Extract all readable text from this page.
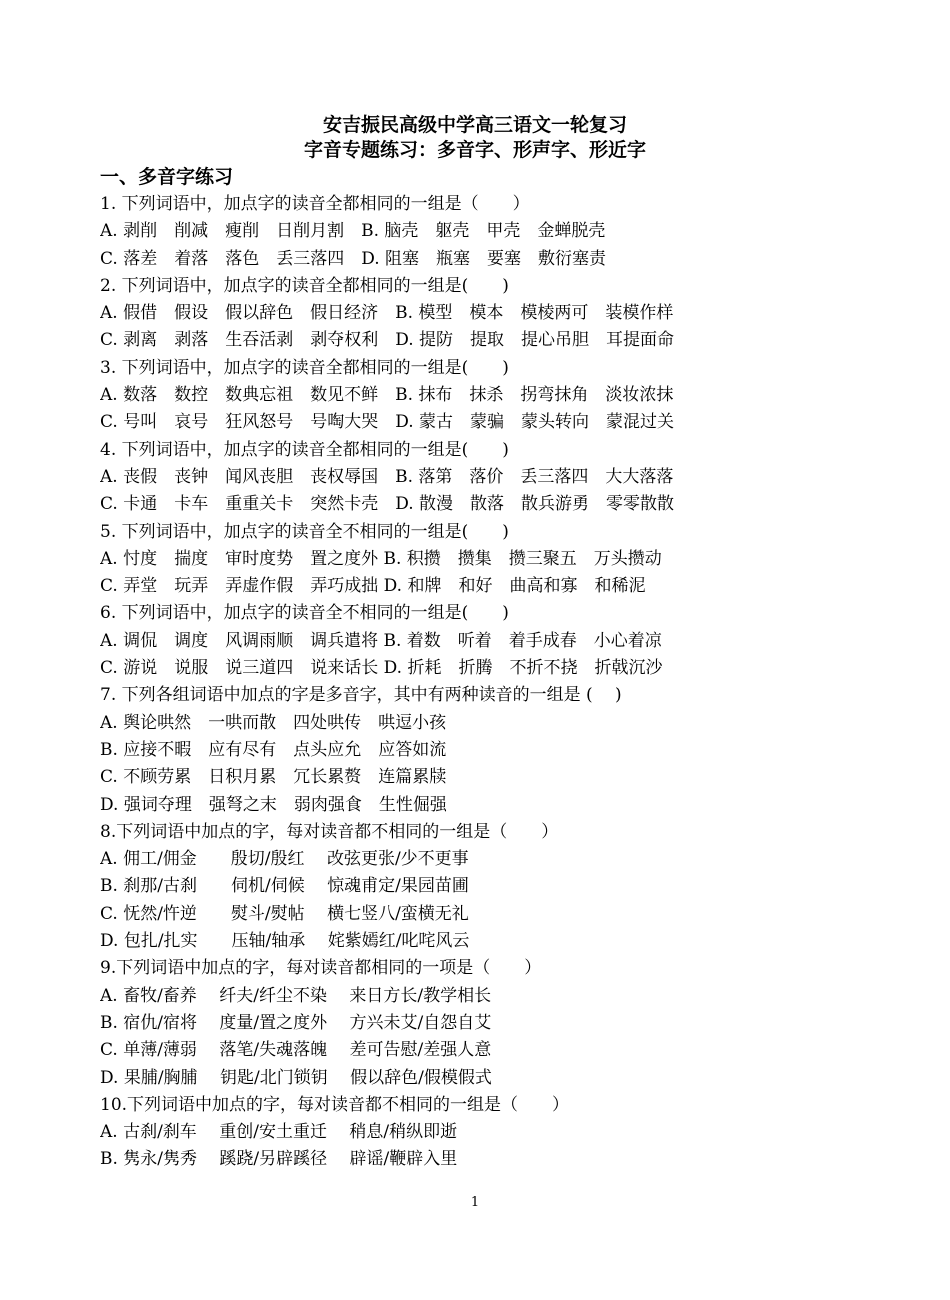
安吉振民高级中学高三语文一轮复习
字音专题练习：多音字、形声字、形近字
一、多音字练习
1. 下列词语中，加点字的读音全都相同的一组是（　　）
A. 剥削　削减　瘦削　日削月割　B. 脑壳　躯壳　甲壳　金蝉脱壳
C. 落差　着落　落色　丢三落四　D. 阻塞　瓶塞　要塞　敷衍塞责
2. 下列词语中，加点字的读音全都相同的一组是(　　)
A. 假借　假设　假以辞色　假日经济　B. 模型　模本　模棱两可　装模作样
C. 剥离　剥落　生吞活剥　剥夺权利　D. 提防　提取　提心吊胆　耳提面命
3. 下列词语中，加点字的读音全都相同的一组是(　　)
A. 数落　数控　数典忘祖　数见不鲜　B. 抹布　抹杀　拐弯抹角　淡妆浓抹
C. 号叫　哀号　狂风怒号　号啕大哭　D. 蒙古　蒙骗　蒙头转向　蒙混过关
4. 下列词语中，加点字的读音全都相同的一组是(　　)
A. 丧假　丧钟　闻风丧胆　丧权辱国　B. 落第　落价　丢三落四　大大落落
C. 卡通　卡车　重重关卡　突然卡壳　D. 散漫　散落　散兵游勇　零零散散
5. 下列词语中，加点字的读音全不相同的一组是(　　)
A. 忖度　揣度　审时度势　置之度外 B. 积攒　攒集　攒三聚五　万头攒动
C. 弄堂　玩弄　弄虚作假　弄巧成拙 D. 和牌　和好　曲高和寡　和稀泥
6. 下列词语中，加点字的读音全不相同的一组是(　　)
A. 调侃　调度　风调雨顺　调兵遣将 B. 着数　听着　着手成春　小心着凉
C. 游说　说服　说三道四　说来话长 D. 折耗　折腾　不折不挠　折戟沉沙
7. 下列各组词语中加点的字是多音字，其中有两种读音的一组是 (　 )
A. 舆论哄然　一哄而散　四处哄传　哄逗小孩
B. 应接不暇　应有尽有　点头应允　应答如流
C. 不顾劳累　日积月累　冗长累赘　连篇累牍
D. 强词夺理　强弩之末　弱肉强食　生性倔强
8.下列词语中加点的字，每对读音都不相同的一组是（　　）
A. 佣工/佣金　　殷切/殷红　 改弦更张/少不更事
B. 刹那/古刹　　伺机/伺候　 惊魂甫定/果园苗圃
C. 怃然/忤逆　　熨斗/熨帖　 横七竖八/蛮横无礼
D. 包扎/扎实　　压轴/轴承　 姹紫嫣红/叱咤风云
9.下列词语中加点的字，每对读音都相同的一项是（　　）
A. 畜牧/畜养　 纤夫/纤尘不染　 来日方长/教学相长
B. 宿仇/宿将　 度量/置之度外　 方兴未艾/自怨自艾
C. 单薄/薄弱　 落笔/失魂落魄　 差可告慰/差强人意
D. 果脯/胸脯　 钥匙/北门锁钥　 假以辞色/假模假式
10.下列词语中加点的字，每对读音都不相同的一组是（　　）
A. 古刹/刹车　 重创/安土重迁　 稍息/稍纵即逝
B. 隽永/隽秀　 蹊跷/另辟蹊径　 辟谣/鞭辟入里
1
